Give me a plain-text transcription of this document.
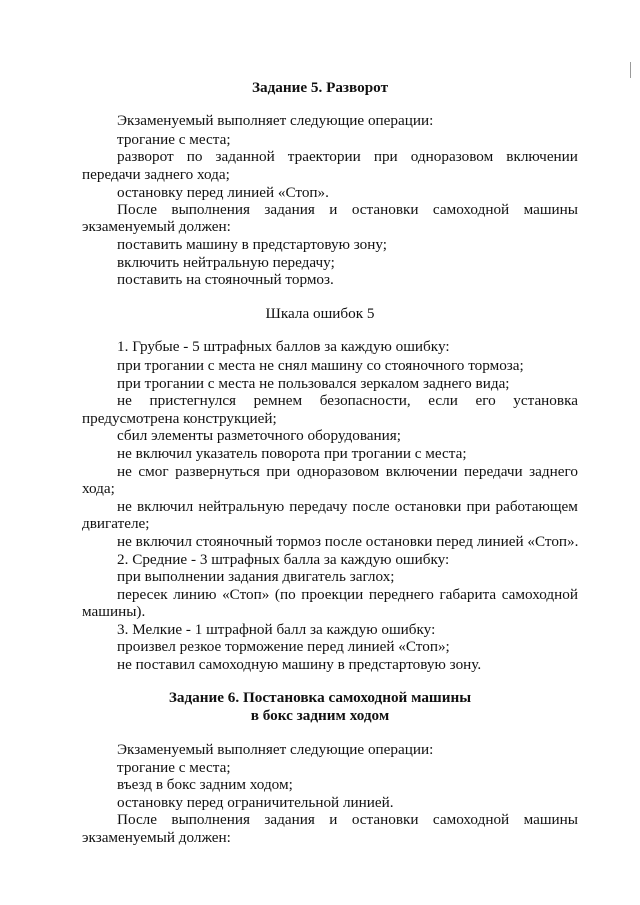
Задание 5. Разворот
Экзаменуемый выполняет следующие операции:
трогание с места;
разворот по заданной траектории при одноразовом включении
передачи заднего хода;
остановку перед линией «Стоп».
После выполнения задания и остановки самоходной машины
экзаменуемый должен:
поставить машину в предстартовую зону;
включить нейтральную передачу;
поставить на стояночный тормоз.
Шкала ошибок 5
1. Грубые - 5 штрафных баллов за каждую ошибку:
при трогании с места не снял машину со стояночного тормоза;
при трогании с места не пользовался зеркалом заднего вида;
не пристегнулся ремнем безопасности, если его установка
предусмотрена конструкцией;
сбил элементы разметочного оборудования;
не включил указатель поворота при трогании с места;
не смог развернуться при одноразовом включении передачи заднего
хода;
не включил нейтральную передачу после остановки при работающем
двигателе;
не включил стояночный тормоз после остановки перед линией «Стоп».
2. Средние - 3 штрафных балла за каждую ошибку:
при выполнении задания двигатель заглох;
пересек линию «Стоп» (по проекции переднего габарита самоходной
машины).
3. Мелкие - 1 штрафной балл за каждую ошибку:
произвел резкое торможение перед линией «Стоп»;
не поставил самоходную машину в предстартовую зону.
Задание 6. Постановка самоходной машины
в бокс задним ходом
Экзаменуемый выполняет следующие операции:
трогание с места;
въезд в бокс задним ходом;
остановку перед ограничительной линией.
После выполнения задания и остановки самоходной машины
экзаменуемый должен:
